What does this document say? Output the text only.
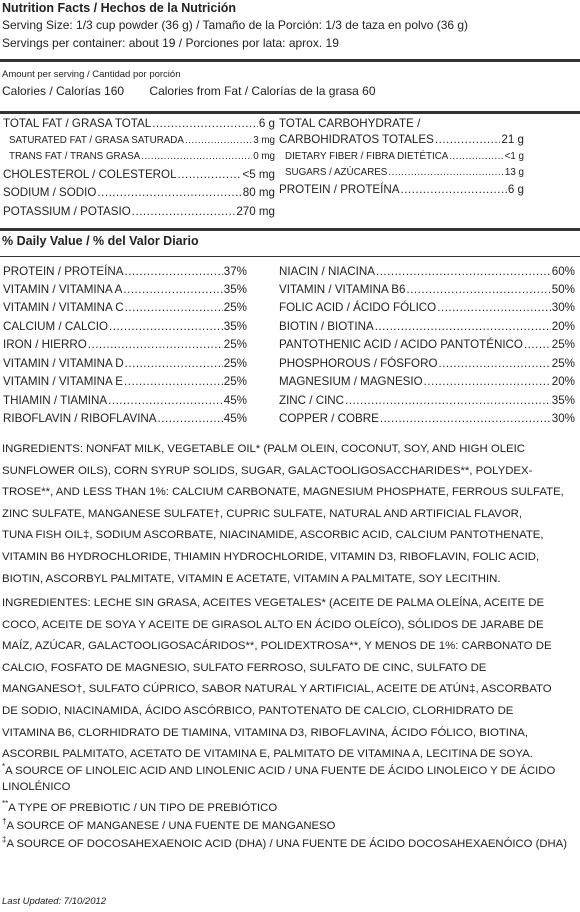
Nutrition Facts / Hechos de la Nutrición
Serving Size: 1/3 cup powder (36 g) / Tamaño de la Porción: 1/3 de taza en polvo (36 g)
Servings per container: about 19 / Porciones por lata: aprox. 19
Amount per serving / Cantidad por porción
Calories / Calorías 160 Calories from Fat / Calorías de la grasa 60
TOTAL FAT / GRASA TOTAL .....	6 g
SATURATED FAT / GRASA SATURADA .....	3 mg
TRANS FAT / TRANS GRASA .....	0 mg
CHOLESTEROL / COLESTEROL .....	<5 mg
SODIUM / SODIO .....	80 mg
POTASSIUM / POTASIO .....	270 mg
TOTAL CARBOHYDRATE /
CARBOHIDRATOS TOTALES .....	21 g
DIETARY FIBER / FIBRA DIETÉTICA .....	<1 g
SUGARS / AZÚCARES .....	13 g
PROTEIN / PROTEÍNA .....	6 g
% Daily Value / % del Valor Diario
PROTEIN / PROTEÍNA .....	37%
VITAMIN / VITAMINA A .....	35%
VITAMIN / VITAMINA C .....	25%
CALCIUM / CALCIO .....	35%
IRON / HIERRO .....	25%
VITAMIN / VITAMINA D .....	25%
VITAMIN / VITAMINA E .....	25%
THIAMIN / TIAMINA .....	45%
RIBOFLAVIN / RIBOFLAVINA .....	45%
NIACIN / NIACINA .....	60%
VITAMIN / VITAMINA B6 .....	50%
FOLIC ACID / ÁCIDO FÓLICO .....	30%
BIOTIN / BIOTINA .....	20%
PANTOTHENIC ACID / ACIDO PANTOTÉNICO ..... 25%
PHOSPHOROUS / FÓSFORO .....	25%
MAGNESIUM / MAGNESIO .....	20%
ZINC / CINC .....	35%
COPPER / COBRE .....	30%
INGREDIENTS: NONFAT MILK, VEGETABLE OIL* (PALM OLEIN, COCONUT, SOY, AND HIGH OLEIC
SUNFLOWER OILS), CORN SYRUP SOLIDS, SUGAR, GALACTOOLIGOSACCHARIDES**, POLYDEX-
TROSE**, AND LESS THAN 1%: CALCIUM CARBONATE, MAGNESIUM PHOSPHATE, FERROUS SULFATE,
ZINC SULFATE, MANGANESE SULFATE†, CUPRIC SULFATE, NATURAL AND ARTIFICIAL FLAVOR,
TUNA FISH OIL‡, SODIUM ASCORBATE, NIACINAMIDE, ASCORBIC ACID, CALCIUM PANTOTHENATE,
VITAMIN B6 HYDROCHLORIDE, THIAMIN HYDROCHLORIDE, VITAMIN D3, RIBOFLAVIN, FOLIC ACID,
BIOTIN, ASCORBYL PALMITATE, VITAMIN E ACETATE, VITAMIN A PALMITATE, SOY LECITHIN.
INGREDIENTES: LECHE SIN GRASA, ACEITES VEGETALES* (ACEITE DE PALMA OLEÍNA, ACEITE DE
COCO, ACEITE DE SOYA Y ACEITE DE GIRASOL ALTO EN ÁCIDO OLEÍCO), SÓLIDOS DE JARABE DE
MAÍZ, AZÚCAR, GALACTOOLIGOSACÁRIDOS**, POLIDEXTROSA**, Y MENOS DE 1%: CARBONATO DE
CALCIO, FOSFATO DE MAGNESIO, SULFATO FERROSO, SULFATO DE CINC, SULFATO DE
MANGANESO†, SULFATO CÚPRICO, SABOR NATURAL Y ARTIFICIAL, ACEITE DE ATÚN‡, ASCORBATO
DE SODIO, NIACINAMIDA, ÁCIDO ASCÓRBICO, PANTOTENATO DE CALCIO, CLORHIDRATO DE
VITAMINA B6, CLORHIDRATO DE TIAMINA, VITAMINA D3, RIBOFLAVINA, ÁCIDO FÓLICO, BIOTINA,
ASCORBIL PALMITATO, ACETATO DE VITAMINA E, PALMITATO DE VITAMINA A, LECITINA DE SOYA.
*A SOURCE OF LINOLEIC ACID AND LINOLENIC ACID / UNA FUENTE DE ÁCIDO LINOLEICO Y DE ÁCIDO LINOLÉNICO
**A TYPE OF PREBIOTIC / UN TIPO DE PREBIÓTICO
†A SOURCE OF MANGANESE / UNA FUENTE DE MANGANESO
‡A SOURCE OF DOCOSAHEXAENOIC ACID (DHA) / UNA FUENTE DE ÁCIDO DOCOSAHEXAENÓICO (DHA)
Last Updated: 7/10/2012
